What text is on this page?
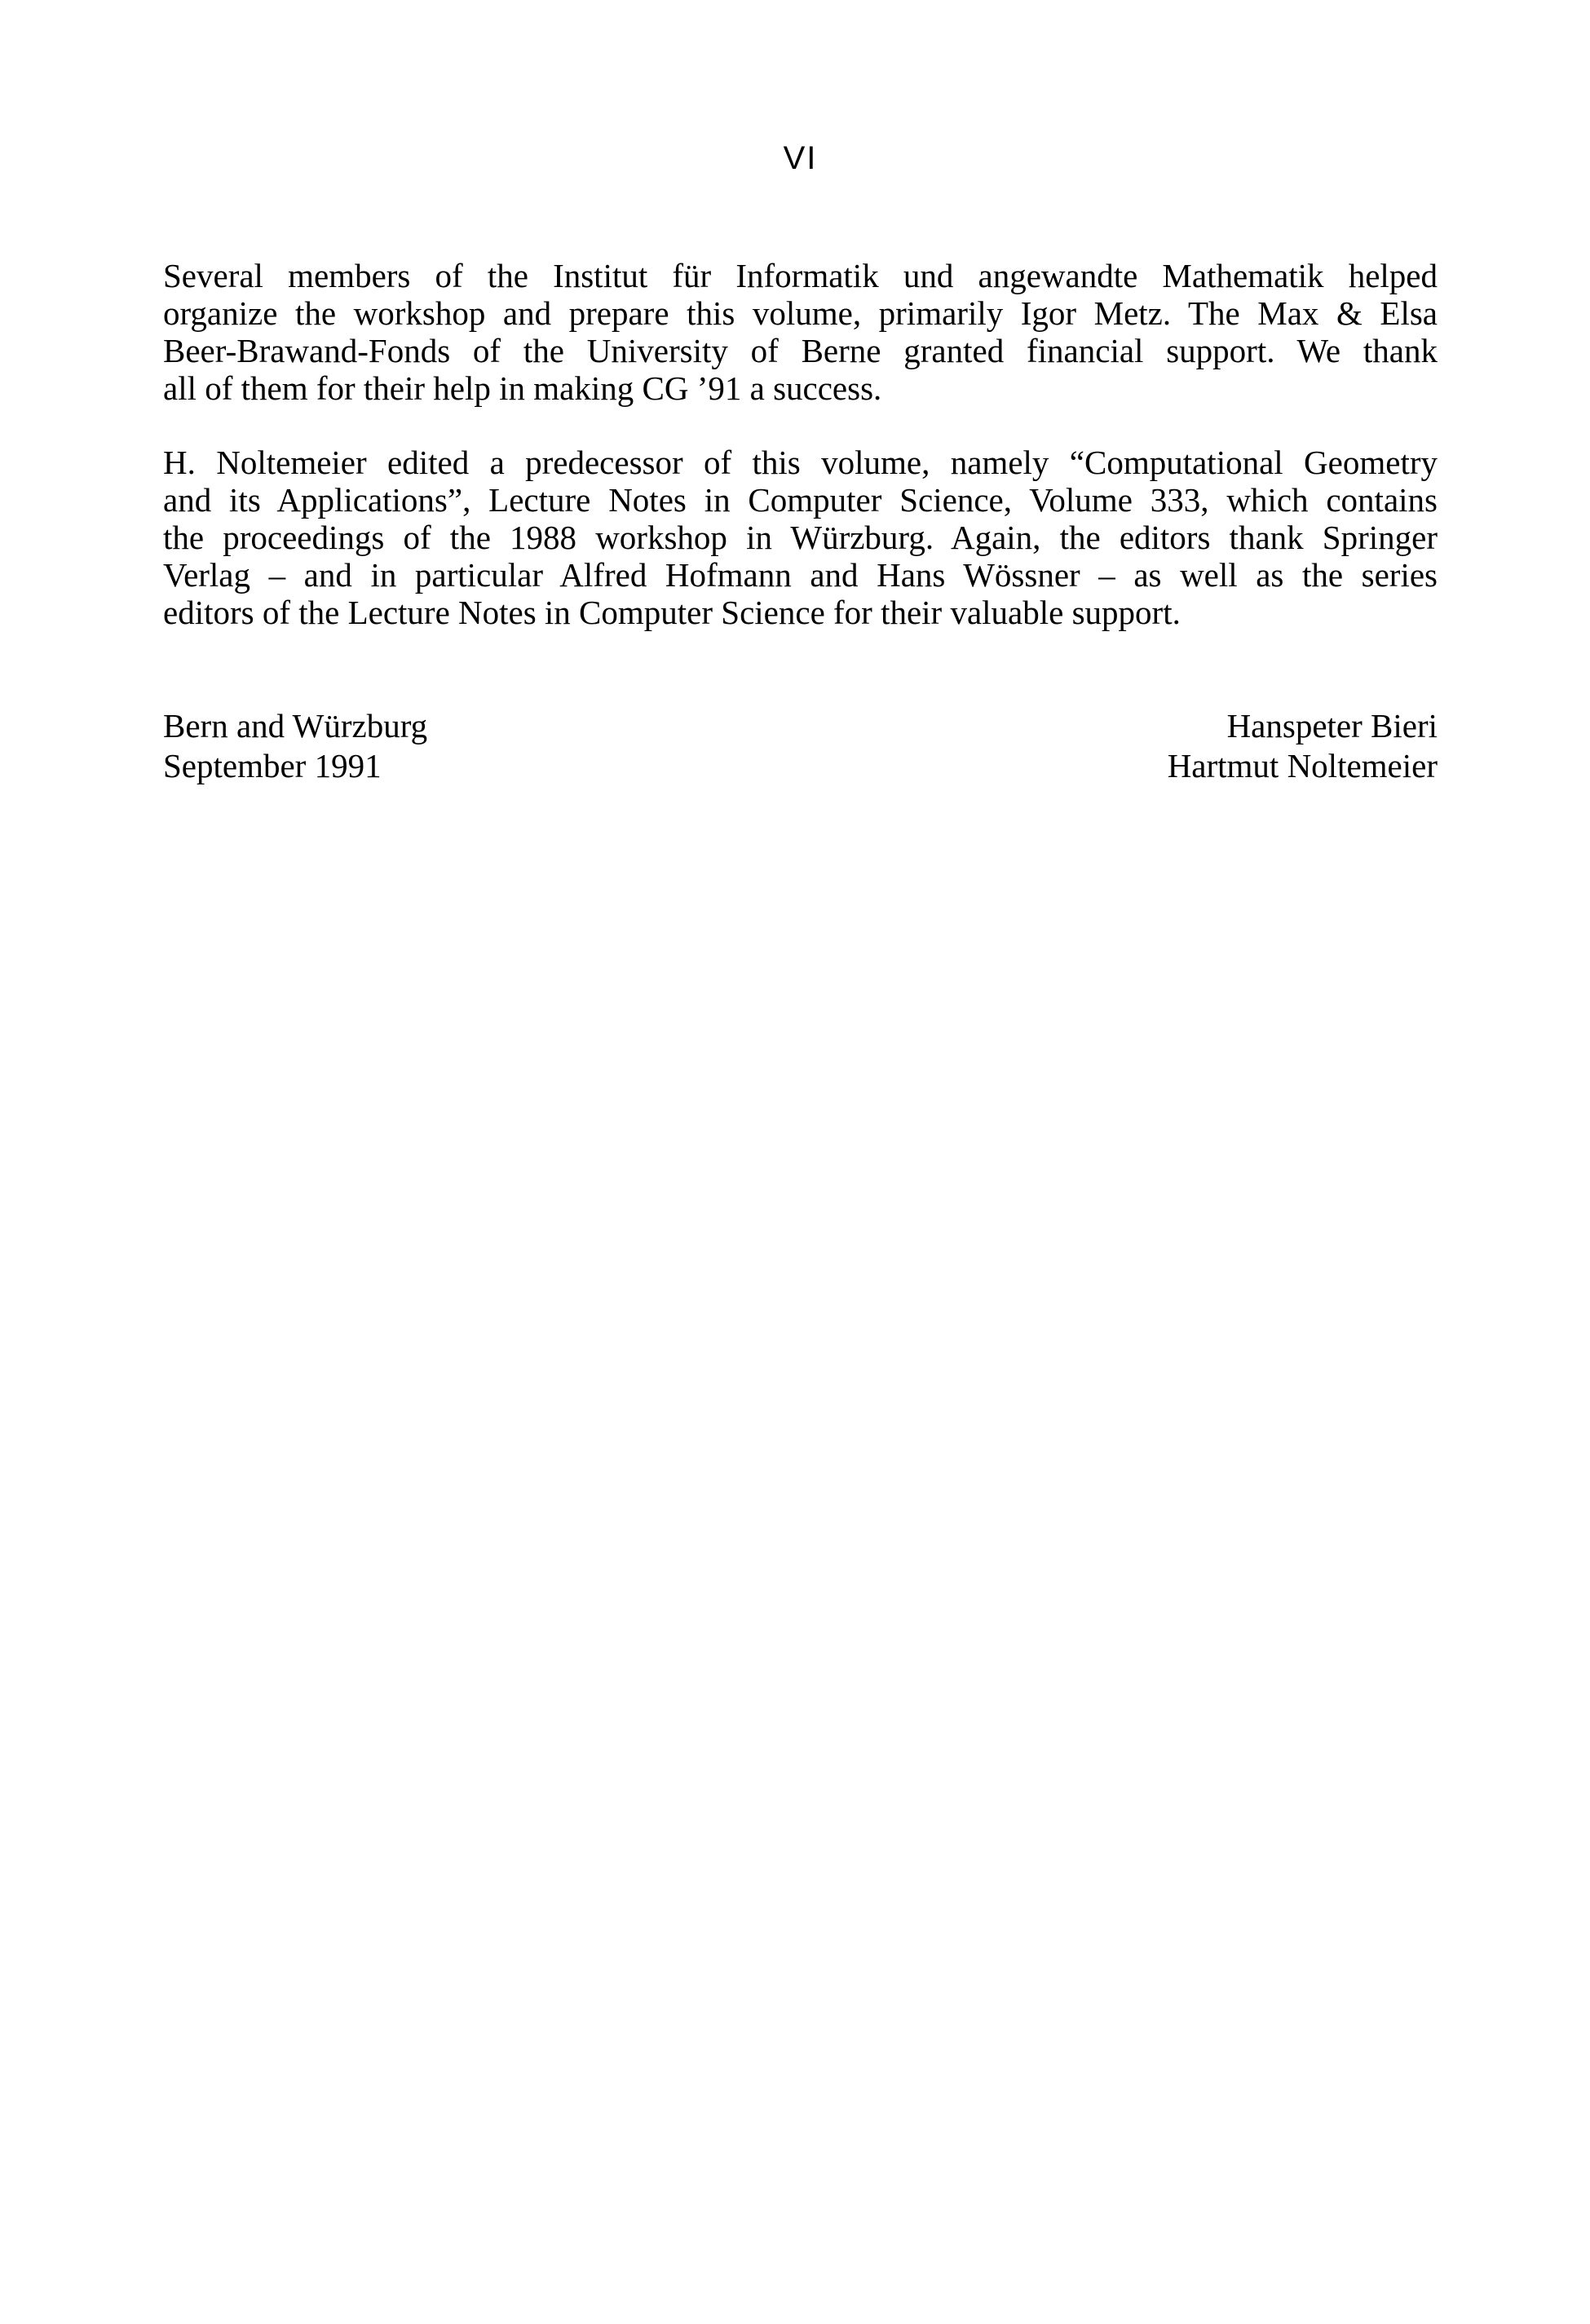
VI
Several members of the Institut für Informatik und angewandte Mathematik helped
organize the workshop and prepare this volume, primarily Igor Metz. The Max & Elsa
Beer-Brawand-Fonds of the University of Berne granted financial support. We thank
all of them for their help in making CG ’91 a success.
H. Noltemeier edited a predecessor of this volume, namely “Computational Geometry
and its Applications”, Lecture Notes in Computer Science, Volume 333, which contains
the proceedings of the 1988 workshop in Würzburg. Again, the editors thank Springer
Verlag – and in particular Alfred Hofmann and Hans Wössner – as well as the series
editors of the Lecture Notes in Computer Science for their valuable support.
Bern and Würzburg
September 1991
Hanspeter Bieri
Hartmut Noltemeier
